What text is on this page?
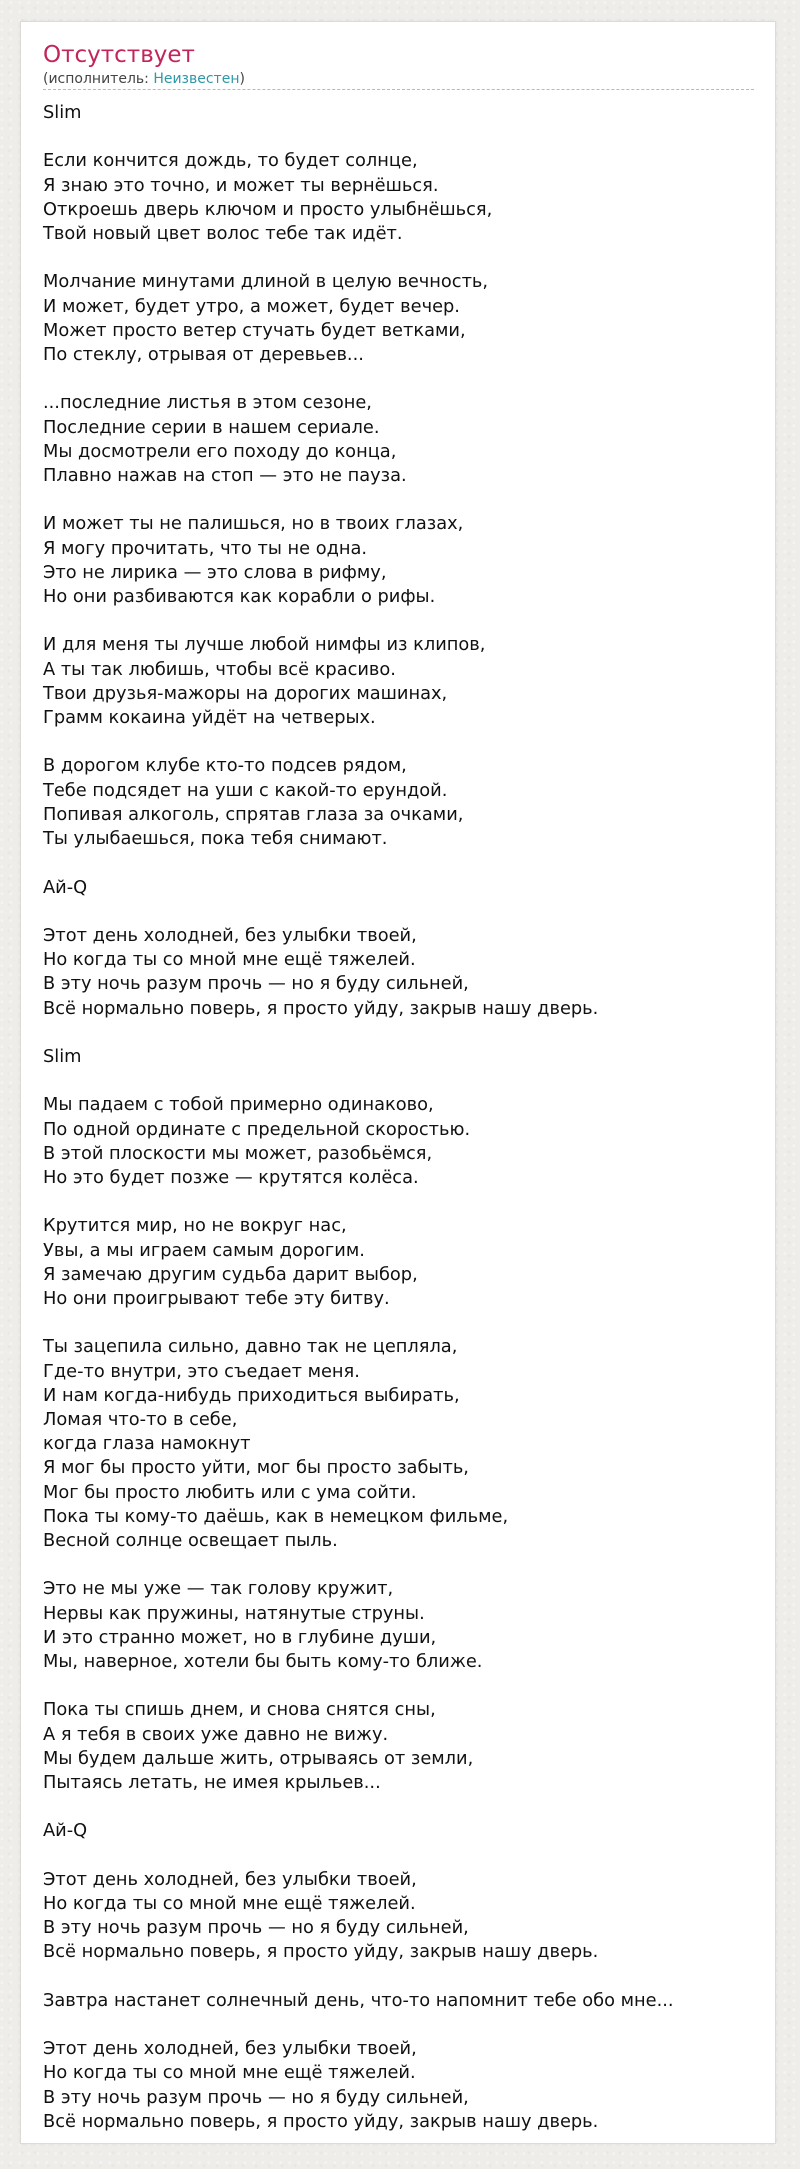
Отсутствует

(исполнитель: Неизвестен)

Slim

Если кончится дождь, то будет солнце,
Я знаю это точно, и может ты вернёшься.
Откроешь дверь ключом и просто улыбнёшься,
Твой новый цвет волос тебе так идёт.

Молчание минутами длиной в целую вечность,
И может, будет утро, а может, будет вечер.
Может просто ветер стучать будет ветками,
По стеклу, отрывая от деревьев...

...последние листья в этом сезоне,
Последние серии в нашем сериале.
Мы досмотрели его походу до конца,
Плавно нажав на стоп — это не пауза.

И может ты не палишься, но в твоих глазах,
Я могу прочитать, что ты не одна.
Это не лирика — это слова в рифму,
Но они разбиваются как корабли о рифы.

И для меня ты лучше любой нимфы из клипов,
А ты так любишь, чтобы всё красиво.
Твои друзья-мажоры на дорогих машинах,
Грамм кокаина уйдёт на четверых.

В дорогом клубе кто-то подсев рядом,
Тебе подсядет на уши с какой-то ерундой.
Попивая алкоголь, спрятав глаза за очками,
Ты улыбаешься, пока тебя снимают.

Ай-Q

Этот день холодней, без улыбки твоей,
Но когда ты со мной мне ещё тяжелей.
В эту ночь разум прочь — но я буду сильней,
Всё нормально поверь, я просто уйду, закрыв нашу дверь.

Slim

Мы падаем с тобой примерно одинаково,
По одной ординате с предельной скоростью.
В этой плоскости мы может, разобьёмся,
Но это будет позже — крутятся колёса.

Крутится мир, но не вокруг нас,
Увы, а мы играем самым дорогим.
Я замечаю другим судьба дарит выбор,
Но они проигрывают тебе эту битву.

Ты зацепила сильно, давно так не цепляла,
Где-то внутри, это съедает меня.
И нам когда-нибудь приходиться выбирать,
Ломая что-то в себе,
когда глаза намокнут
Я мог бы просто уйти, мог бы просто забыть,
Мог бы просто любить или с ума сойти.
Пока ты кому-то даёшь, как в немецком фильме,
Весной солнце освещает пыль.

Это не мы уже — так голову кружит,
Нервы как пружины, натянутые струны.
И это странно может, но в глубине души,
Мы, наверное, хотели бы быть кому-то ближе.

Пока ты спишь днем, и снова снятся сны,
А я тебя в своих уже давно не вижу.
Мы будем дальше жить, отрываясь от земли,
Пытаясь летать, не имея крыльев...

Ай-Q

Этот день холодней, без улыбки твоей,
Но когда ты со мной мне ещё тяжелей.
В эту ночь разум прочь — но я буду сильней,
Всё нормально поверь, я просто уйду, закрыв нашу дверь.

Завтра настанет солнечный день, что-то напомнит тебе обо мне...

Этот день холодней, без улыбки твоей,
Но когда ты со мной мне ещё тяжелей.
В эту ночь разум прочь — но я буду сильней,
Всё нормально поверь, я просто уйду, закрыв нашу дверь.
